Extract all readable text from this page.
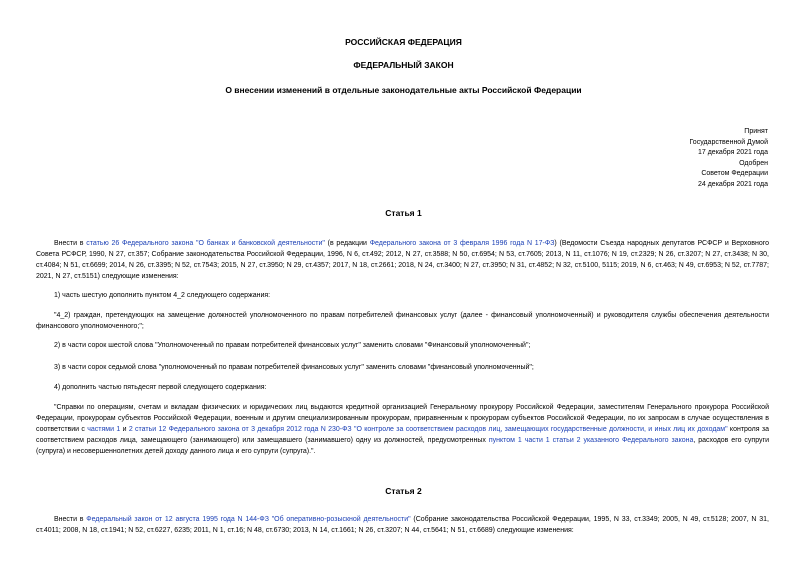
РОССИЙСКАЯ ФЕДЕРАЦИЯ
ФЕДЕРАЛЬНЫЙ ЗАКОН
О внесении изменений в отдельные законодательные акты Российской Федерации
Принят
Государственной Думой
17 декабря 2021 года
Одобрен
Советом Федерации
24 декабря 2021 года
Статья 1
Внести в статью 26 Федерального закона "О банках и банковской деятельности" (в редакции Федерального закона от 3 февраля 1996 года N 17-ФЗ) (Ведомости Съезда народных депутатов РСФСР и Верховного Совета РСФСР, 1990, N 27, ст.357; Собрание законодательства Российской Федерации, 1996, N 6, ст.492; 2012, N 27, ст.3588; N 50, ст.6954; N 53, ст.7605; 2013, N 11, ст.1076; N 19, ст.2329; N 26, ст.3207; N 27, ст.3438; N 30, ст.4084; N 51, ст.6699; 2014, N 26, ст.3395; N 52, ст.7543; 2015, N 27, ст.3950; N 29, ст.4357; 2017, N 18, ст.2661; 2018, N 24, ст.3400; N 27, ст.3950; N 31, ст.4852; N 32, ст.5100, 5115; 2019, N 6, ст.463; N 49, ст.6953; N 52, ст.7787; 2021, N 27, ст.5151) следующие изменения:
1) часть шестую дополнить пунктом 4_2 следующего содержания:
"4_2) граждан, претендующих на замещение должностей уполномоченного по правам потребителей финансовых услуг (далее - финансовый уполномоченный) и руководителя службы обеспечения деятельности финансового уполномоченного;";
2) в части сорок шестой слова "Уполномоченный по правам потребителей финансовых услуг" заменить словами "Финансовый уполномоченный";
3) в части сорок седьмой слова "уполномоченный по правам потребителей финансовых услуг" заменить словами "финансовый уполномоченный";
4) дополнить частью пятьдесят первой следующего содержания:
"Справки по операциям, счетам и вкладам физических и юридических лиц выдаются кредитной организацией Генеральному прокурору Российской Федерации, заместителям Генерального прокурора Российской Федерации, прокурорам субъектов Российской Федерации, военным и другим специализированным прокурорам, приравненным к прокурорам субъектов Российской Федерации, по их запросам в случае осуществления в соответствии с частями 1 и 2 статьи 12 Федерального закона от 3 декабря 2012 года N 230-ФЗ "О контроле за соответствием расходов лиц, замещающих государственные должности, и иных лиц их доходам" контроля за соответствием расходов лица, замещающего (занимающего) или замещавшего (занимавшего) одну из должностей, предусмотренных пунктом 1 части 1 статьи 2 указанного Федерального закона, расходов его супруги (супруга) и несовершеннолетних детей доходу данного лица и его супруги (супруга).".
Статья 2
Внести в Федеральный закон от 12 августа 1995 года N 144-ФЗ "Об оперативно-розыскной деятельности" (Собрание законодательства Российской Федерации, 1995, N 33, ст.3349; 2005, N 49, ст.5128; 2007, N 31, ст.4011; 2008, N 18, ст.1941; N 52, ст.6227, 6235; 2011, N 1, ст.16; N 48, ст.6730; 2013, N 14, ст.1661; N 26, ст.3207; N 44, ст.5641; N 51, ст.6689) следующие изменения:
